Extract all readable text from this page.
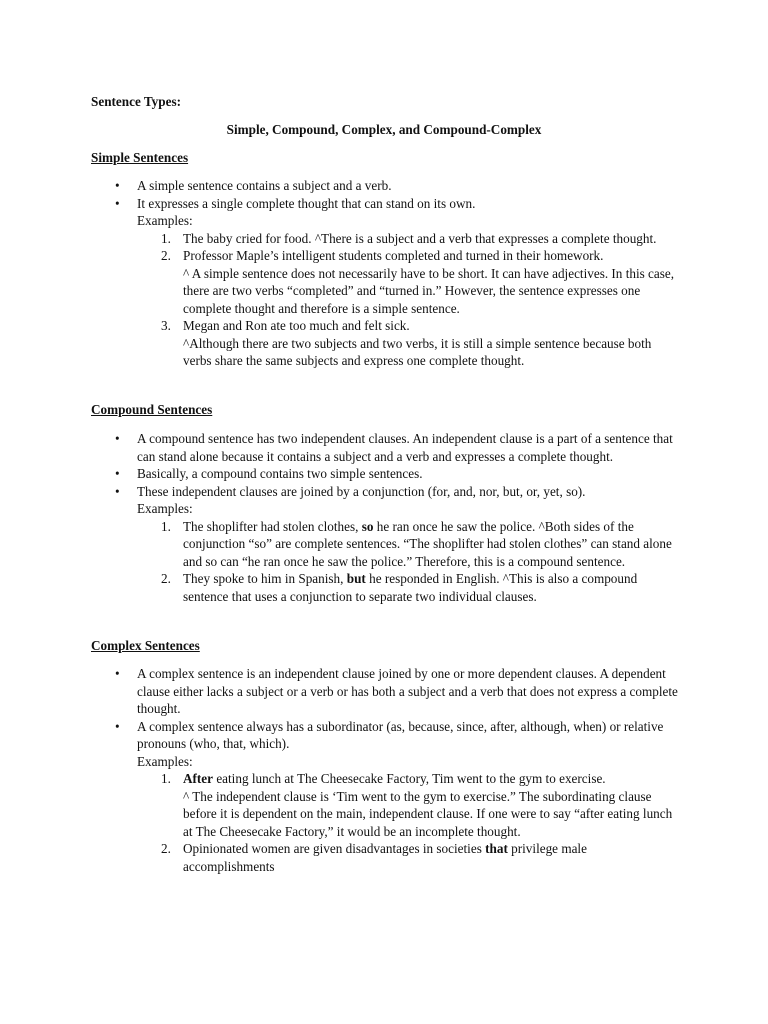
Sentence Types:
Simple, Compound, Complex, and Compound-Complex
Simple Sentences
• A simple sentence contains a subject and a verb.
• It expresses a single complete thought that can stand on its own.
Examples:
1. The baby cried for food. ^There is a subject and a verb that expresses a complete thought.
2. Professor Maple’s intelligent students completed and turned in their homework.
^ A simple sentence does not necessarily have to be short. It can have adjectives. In this case, there are two verbs “completed” and “turned in.” However, the sentence expresses one complete thought and therefore is a simple sentence.
3. Megan and Ron ate too much and felt sick.
^Although there are two subjects and two verbs, it is still a simple sentence because both verbs share the same subjects and express one complete thought.
Compound Sentences
• A compound sentence has two independent clauses. An independent clause is a part of a sentence that can stand alone because it contains a subject and a verb and expresses a complete thought.
• Basically, a compound contains two simple sentences.
• These independent clauses are joined by a conjunction (for, and, nor, but, or, yet, so).
Examples:
1. The shoplifter had stolen clothes, so he ran once he saw the police. ^Both sides of the conjunction “so” are complete sentences. “The shoplifter had stolen clothes” can stand alone and so can “he ran once he saw the police.” Therefore, this is a compound sentence.
2. They spoke to him in Spanish, but he responded in English. ^This is also a compound sentence that uses a conjunction to separate two individual clauses.
Complex Sentences
• A complex sentence is an independent clause joined by one or more dependent clauses. A dependent clause either lacks a subject or a verb or has both a subject and a verb that does not express a complete thought.
• A complex sentence always has a subordinator (as, because, since, after, although, when) or relative pronouns (who, that, which).
Examples:
1. After eating lunch at The Cheesecake Factory, Tim went to the gym to exercise.
^ The independent clause is ‘Tim went to the gym to exercise.” The subordinating clause before it is dependent on the main, independent clause. If one were to say “after eating lunch at The Cheesecake Factory,” it would be an incomplete thought.
2. Opinionated women are given disadvantages in societies that privilege male accomplishments
